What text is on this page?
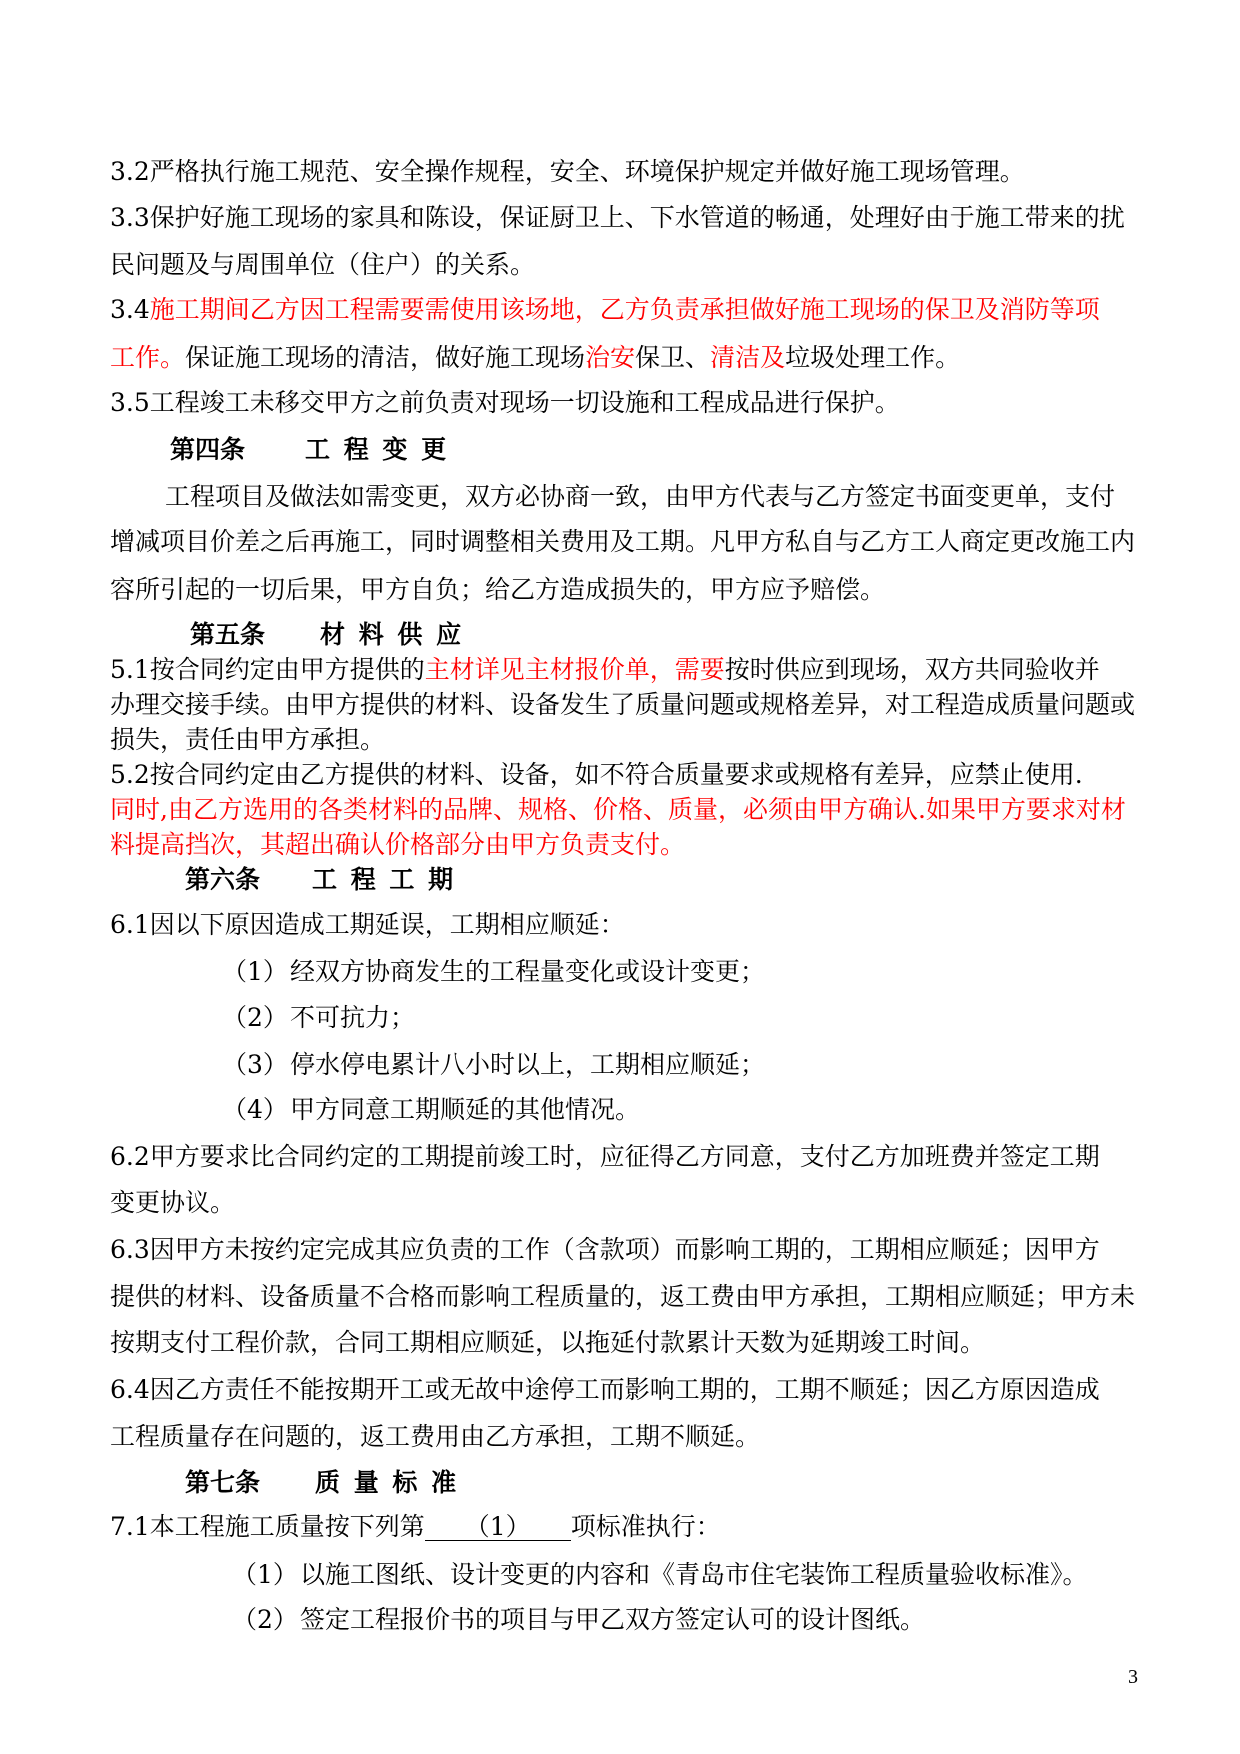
3.2严格执行施工规范、安全操作规程，安全、环境保护规定并做好施工现场管理。
3.3保护好施工现场的家具和陈设，保证厨卫上、下水管道的畅通，处理好由于施工带来的扰
民问题及与周围单位（住户）的关系。
3.4施工期间乙方因工程需要需使用该场地，乙方负责承担做好施工现场的保卫及消防等项
工作。保证施工现场的清洁，做好施工现场治安保卫、清洁及垃圾处理工作。
3.5工程竣工未移交甲方之前负责对现场一切设施和工程成品进行保护。
第四条 工 程 变 更
工程项目及做法如需变更，双方必协商一致，由甲方代表与乙方签定书面变更单，支付
增减项目价差之后再施工，同时调整相关费用及工期。凡甲方私自与乙方工人商定更改施工内
容所引起的一切后果，甲方自负；给乙方造成损失的，甲方应予赔偿。
第五条 材 料 供 应
5.1按合同约定由甲方提供的主材详见主材报价单，需要按时供应到现场，双方共同验收并
办理交接手续。由甲方提供的材料、设备发生了质量问题或规格差异，对工程造成质量问题或
损失，责任由甲方承担。
5.2按合同约定由乙方提供的材料、设备，如不符合质量要求或规格有差异，应禁止使用.
同时,由乙方选用的各类材料的品牌、规格、价格、质量，必须由甲方确认.如果甲方要求对材
料提高挡次，其超出确认价格部分由甲方负责支付。
第六条 工 程 工 期
6.1因以下原因造成工期延误，工期相应顺延：
（1） 经双方协商发生的工程量变化或设计变更；
（2） 不可抗力；
（3） 停水停电累计八小时以上，工期相应顺延；
（4） 甲方同意工期顺延的其他情况。
6.2甲方要求比合同约定的工期提前竣工时，应征得乙方同意，支付乙方加班费并签定工期
变更协议。
6.3因甲方未按约定完成其应负责的工作（含款项）而影响工期的，工期相应顺延；因甲方
提供的材料、设备质量不合格而影响工程质量的，返工费由甲方承担，工期相应顺延；甲方未
按期支付工程价款，合同工期相应顺延，以拖延付款累计天数为延期竣工时间。
6.4因乙方责任不能按期开工或无故中途停工而影响工期的，工期不顺延；因乙方原因造成
工程质量存在问题的，返工费用由乙方承担，工期不顺延。
第七条 质 量 标 准
7.1本工程施工质量按下列第 （1） 项标准执行：
（1） 以施工图纸、设计变更的内容和《青岛市住宅装饰工程质量验收标准》。
（2） 签定工程报价书的项目与甲乙双方签定认可的设计图纸。
3
